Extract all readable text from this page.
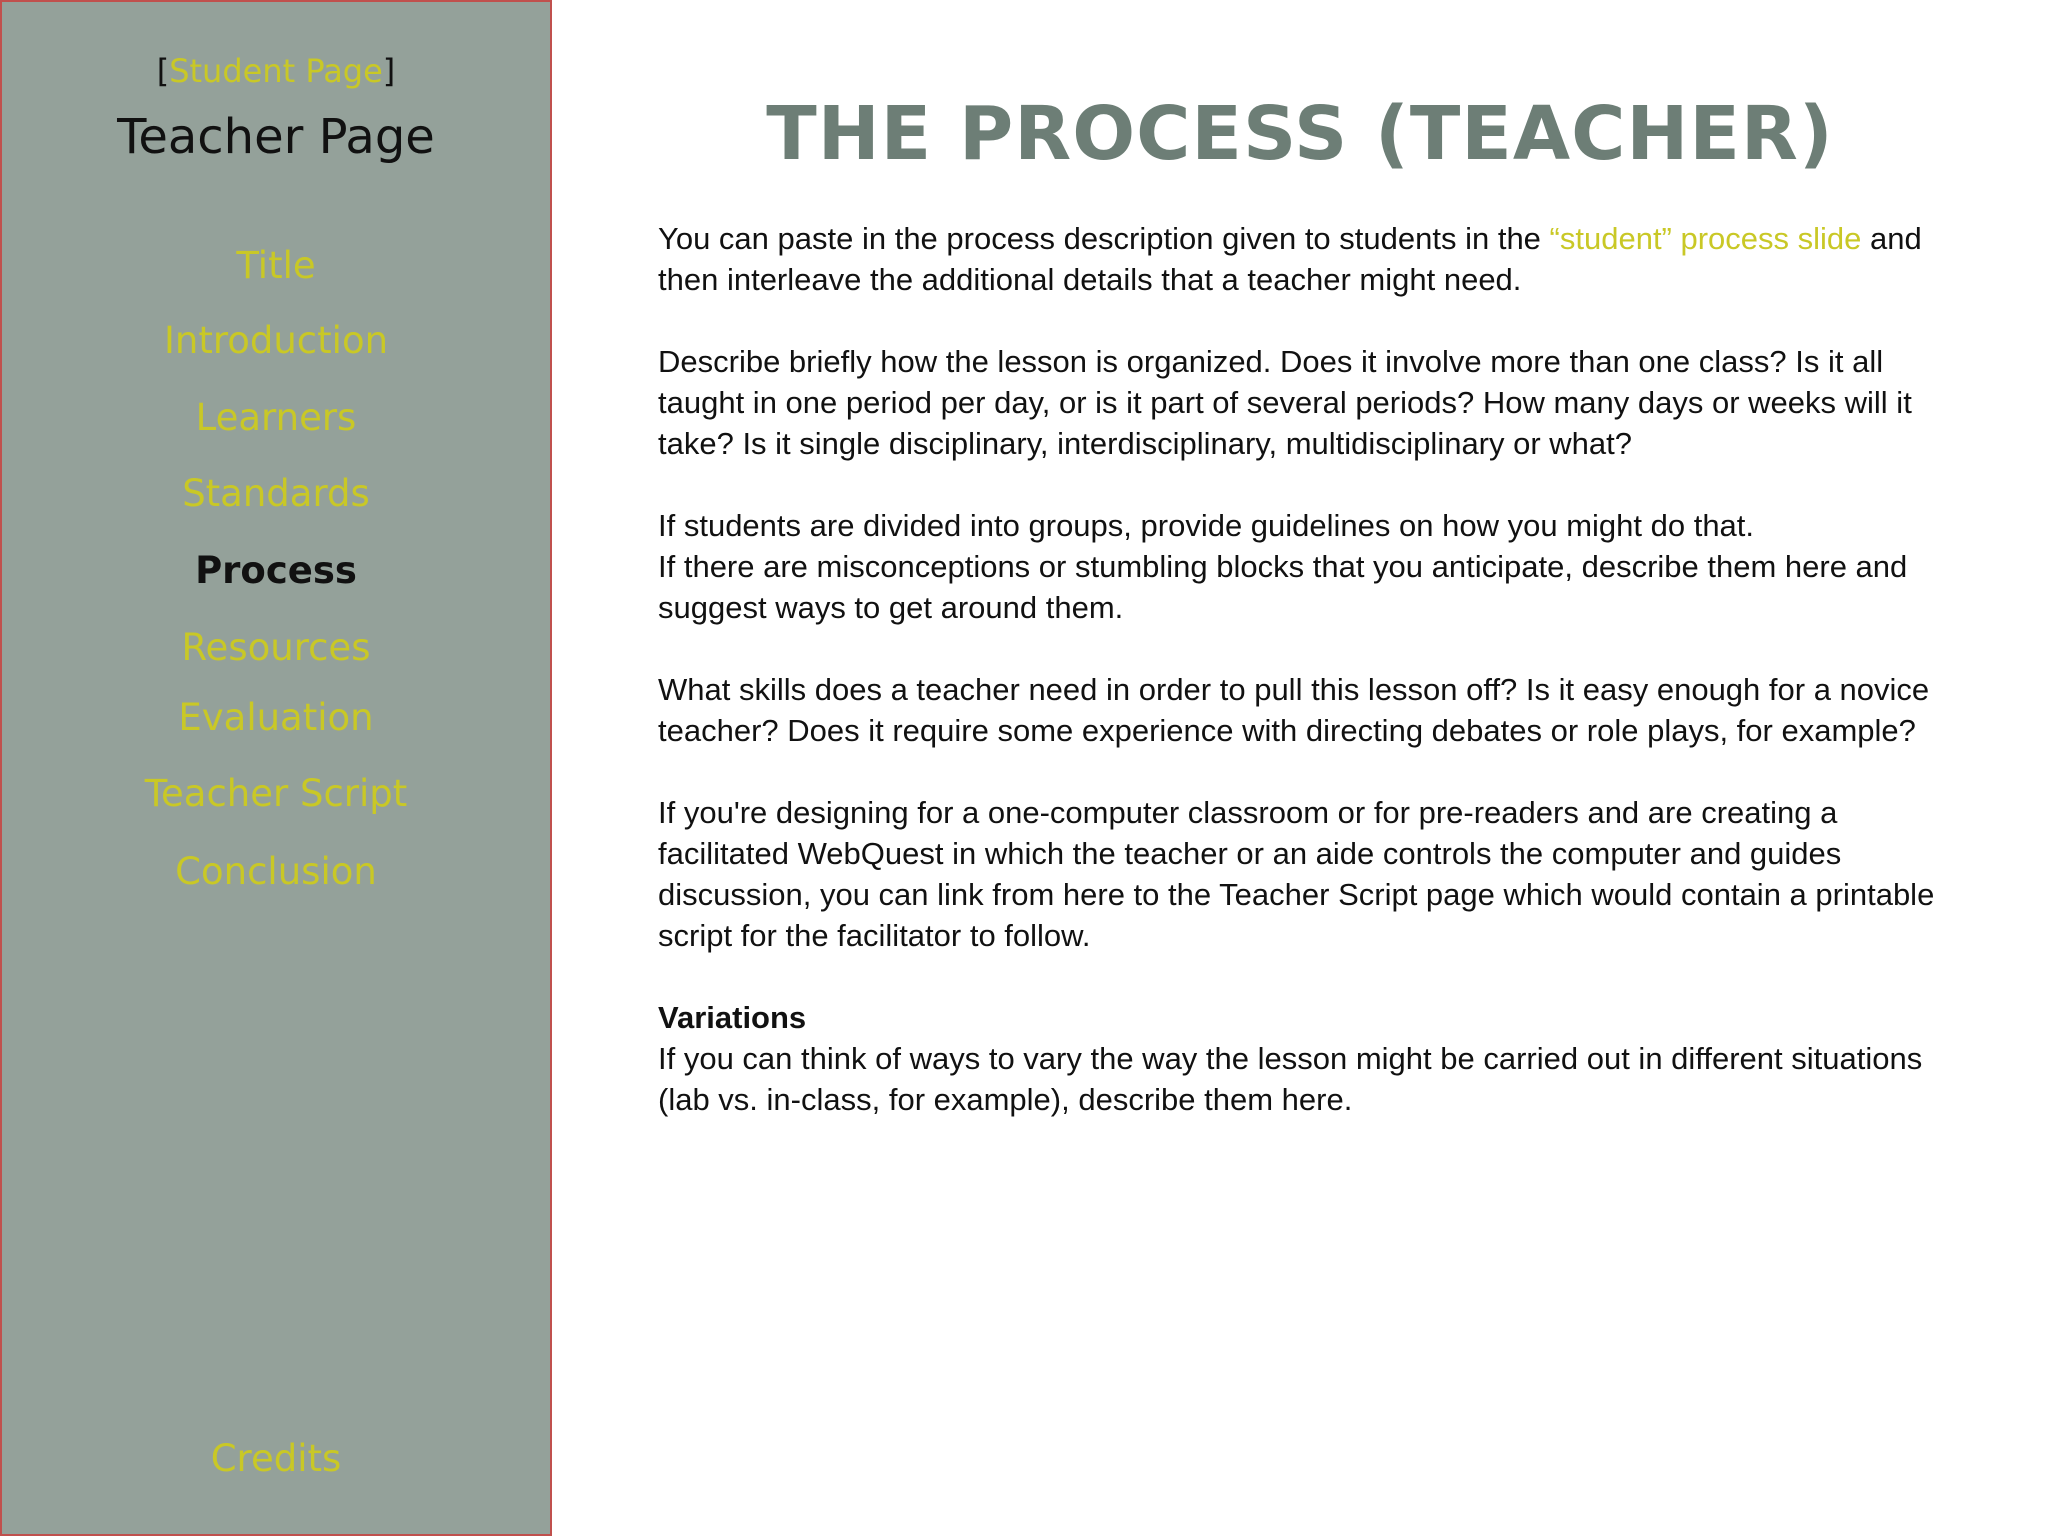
[Student Page]
Teacher Page
Title
Introduction
Learners
Standards
Process
Resources
Evaluation
Teacher Script
Conclusion
Credits
THE PROCESS (TEACHER)

You can paste in the process description given to students in the “student” process slide and then interleave the additional details that a teacher might need.

Describe briefly how the lesson is organized. Does it involve more than one class? Is it all taught in one period per day, or is it part of several periods? How many days or weeks will it take? Is it single disciplinary, interdisciplinary, multidisciplinary or what?

If students are divided into groups, provide guidelines on how you might do that.
If there are misconceptions or stumbling blocks that you anticipate, describe them here and suggest ways to get around them.

What skills does a teacher need in order to pull this lesson off? Is it easy enough for a novice teacher? Does it require some experience with directing debates or role plays, for example?

If you're designing for a one-computer classroom or for pre-readers and are creating a facilitated WebQuest in which the teacher or an aide controls the computer and guides discussion, you can link from here to the Teacher Script page which would contain a printable script for the facilitator to follow.

Variations
If you can think of ways to vary the way the lesson might be carried out in different situations (lab vs. in-class, for example), describe them here.
